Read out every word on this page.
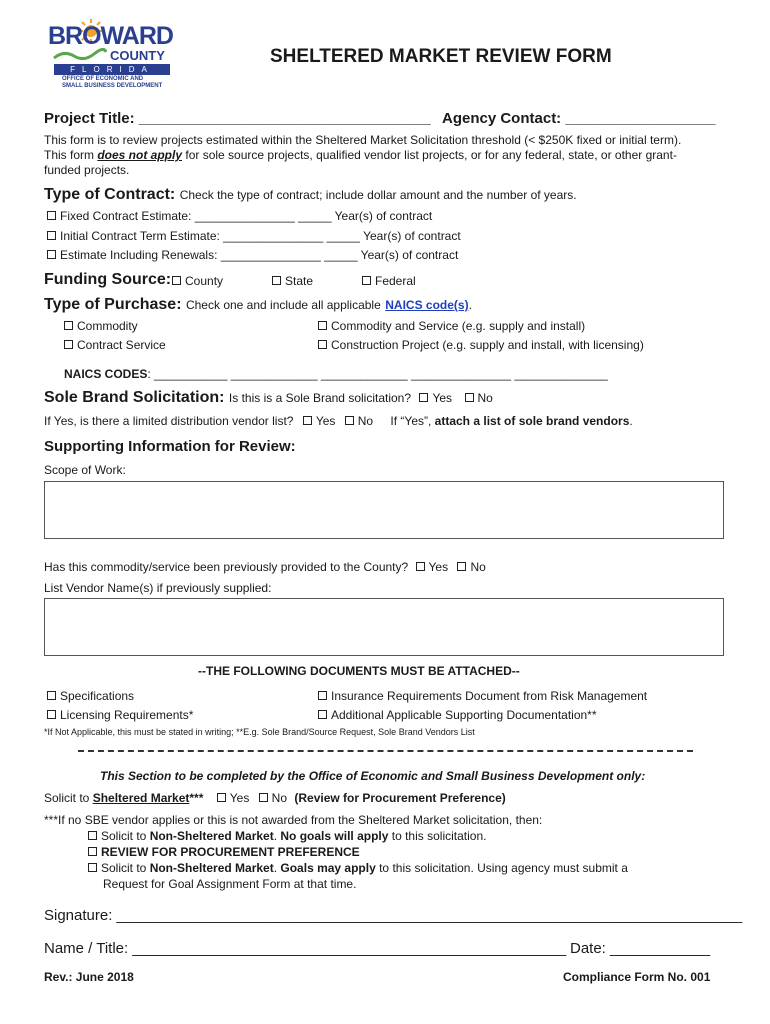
BROWARD
COUNTY
FLORIDA
OFFICE OF ECONOMIC AND
SMALL BUSINESS DEVELOPMENT
SHELTERED MARKET REVIEW FORM
Project Title: ___________________________________ Agency Contact: __________________
This form is to review projects estimated within the Sheltered Market Solicitation threshold (< $250K fixed or initial term).
This form does not apply for sole source projects, qualified vendor list projects, or for any federal, state, or other grant-
funded projects.
Type of Contract: Check the type of contract; include dollar amount and the number of years.
Fixed Contract Estimate: _______________ _____ Year(s) of contract
Initial Contract Term Estimate: _______________ _____ Year(s) of contract
Estimate Including Renewals: _______________ _____ Year(s) of contract
Funding Source:	County	State	Federal
Type of Purchase: Check one and include all applicable NAICS code(s).
Commodity	Commodity and Service (e.g. supply and install)
Contract Service	Construction Project (e.g. supply and install, with licensing)
NAICS CODES: ___________ _____________ _____________ _______________ ______________
Sole Brand Solicitation: Is this is a Sole Brand solicitation? Yes No
If Yes, is there a limited distribution vendor list? Yes No If “Yes”, attach a list of sole brand vendors.
Supporting Information for Review:
Scope of Work:
Has this commodity/service been previously provided to the County? Yes No
List Vendor Name(s) if previously supplied:
--THE FOLLOWING DOCUMENTS MUST BE ATTACHED--
Specifications	Insurance Requirements Document from Risk Management
Licensing Requirements*	Additional Applicable Supporting Documentation**
*If Not Applicable, this must be stated in writing; **E.g. Sole Brand/Source Request, Sole Brand Vendors List
This Section to be completed by the Office of Economic and Small Business Development only:
Solicit to Sheltered Market*** Yes No (Review for Procurement Preference)
***If no SBE vendor applies or this is not awarded from the Sheltered Market solicitation, then:
Solicit to Non-Sheltered Market. No goals will apply to this solicitation.
REVIEW FOR PROCUREMENT PREFERENCE
Solicit to Non-Sheltered Market. Goals may apply to this solicitation. Using agency must submit a
Request for Goal Assignment Form at that time.
Signature: ___________________________________________________________________________
Name / Title: ____________________________________________________ Date: ____________
Rev.: June 2018	Compliance Form No. 001
